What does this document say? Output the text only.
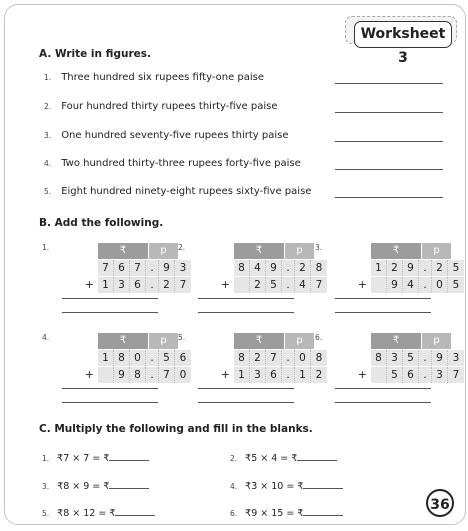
Worksheet 3
A. Write in figures.
1. Three hundred six rupees fifty-one paise
2. Four hundred thirty rupees thirty-five paise
3. One hundred seventy-five rupees thirty paise
4. Two hundred thirty-three rupees forty-five paise
5. Eight hundred ninety-eight rupees sixty-five paise
B. Add the following.
1.	₹	p
7 6 7 . 9 3
+ 1 3 6 . 2 7
2.	₹	p
8 4 9 . 2 8
+	2 5 . 4 7
3.	₹	p
1 2 9 . 2 5
+	9 4 . 0 5
4.	₹	p
1 8 0 . 5 6
+	9 8 . 7 0
5.	₹	p
8 2 7 . 0 8
+ 1 3 6 . 1 2
6.	₹	p
8 3 5 . 9 3
+	5 6 . 3 7
C. Multiply the following and fill in the blanks.
1. ₹7 × 7 = ₹	2. ₹5 × 4 = ₹
3. ₹8 × 9 = ₹	4. ₹3 × 10 = ₹
5. ₹8 × 12 = ₹	6. ₹9 × 15 = ₹
36
